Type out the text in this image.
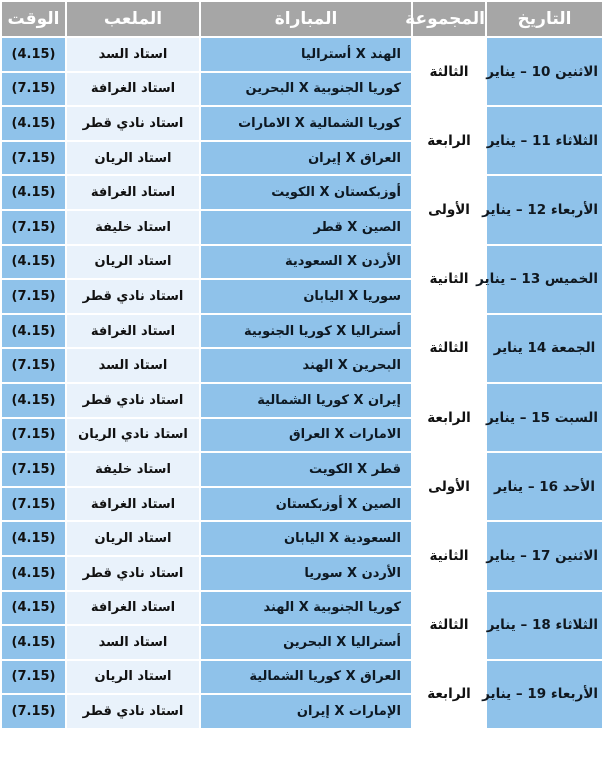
التاريخ	المجموعة	المباراة	الملعب	الوقت
الاثنين 10 – يناير	الثالثة	الهند X أستراليا	استاد السد	(4.15)
		كوريا الجنوبية X البحرين	استاد الغرافة	(7.15)
الثلاثاء 11 – يناير	الرابعة	كوريا الشمالية X الامارات	استاد نادي قطر	(4.15)
		العراق X إيران	استاد الريان	(7.15)
الأربعاء 12 – يناير	الأولى	أوزبكستان X الكويت	استاد الغرافة	(4.15)
		الصين X قطر	استاد خليفة	(7.15)
الخميس 13 – يناير	الثانية	الأردن X السعودية	استاد الريان	(4.15)
		سوريا X اليابان	استاد نادي قطر	(7.15)
الجمعة 14 يناير	الثالثة	أستراليا X كوريا الجنوبية	استاد الغرافة	(4.15)
		البحرين X الهند	استاد السد	(7.15)
السبت 15 – يناير	الرابعة	إيران X كوريا الشمالية	استاد نادي قطر	(4.15)
		الامارات X العراق	استاد نادي الريان	(7.15)
الأحد 16 – يناير	الأولى	قطر X الكويت	استاد خليفة	(7.15)
		الصين X أوزبكستان	استاد الغرافة	(7.15)
الاثنين 17 – يناير	الثانية	السعودية X اليابان	استاد الريان	(4.15)
		الأردن X سوريا	استاد نادي قطر	(4.15)
الثلاثاء 18 – يناير	الثالثة	كوريا الجنوبية X الهند	استاد الغرافة	(4.15)
		أستراليا X البحرين	استاد السد	(4.15)
الأربعاء 19 – يناير	الرابعة	العراق X كوريا الشمالية	استاد الريان	(7.15)
		الإمارات X إيران	استاد نادي قطر	(7.15)
